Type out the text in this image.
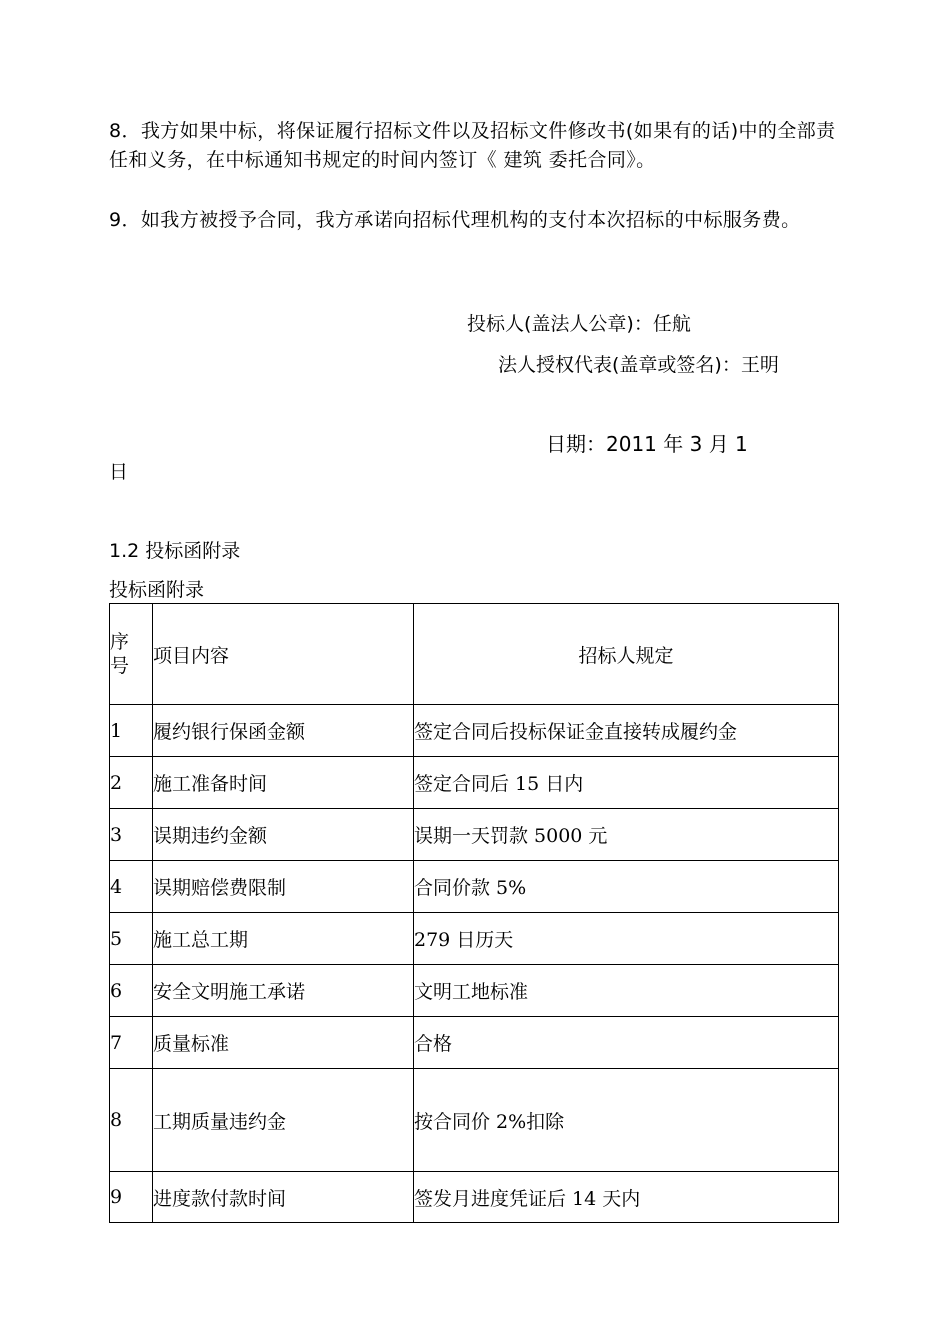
8．我方如果中标，将保证履行招标文件以及招标文件修改书(如果有的话)中的全部责任和义务，在中标通知书规定的时间内签订《 建筑 委托合同》。

9．如我方被授予合同，我方承诺向招标代理机构的支付本次招标的中标服务费。

投标人(盖法人公章)：任航
法人授权代表(盖章或签名)：王明
日期：2011 年 3 月 1
日
1.2 投标函附录
投标函附录
序号	项目内容	招标人规定
1	履约银行保函金额	签定合同后投标保证金直接转成履约金
2	施工准备时间	签定合同后 15 日内
3	误期违约金额	误期一天罚款 5000 元
4	误期赔偿费限制	合同价款 5%
5	施工总工期	279 日历天
6	安全文明施工承诺	文明工地标准
7	质量标准	合格
8	工期质量违约金	按合同价 2%扣除
9	进度款付款时间	签发月进度凭证后 14 天内
